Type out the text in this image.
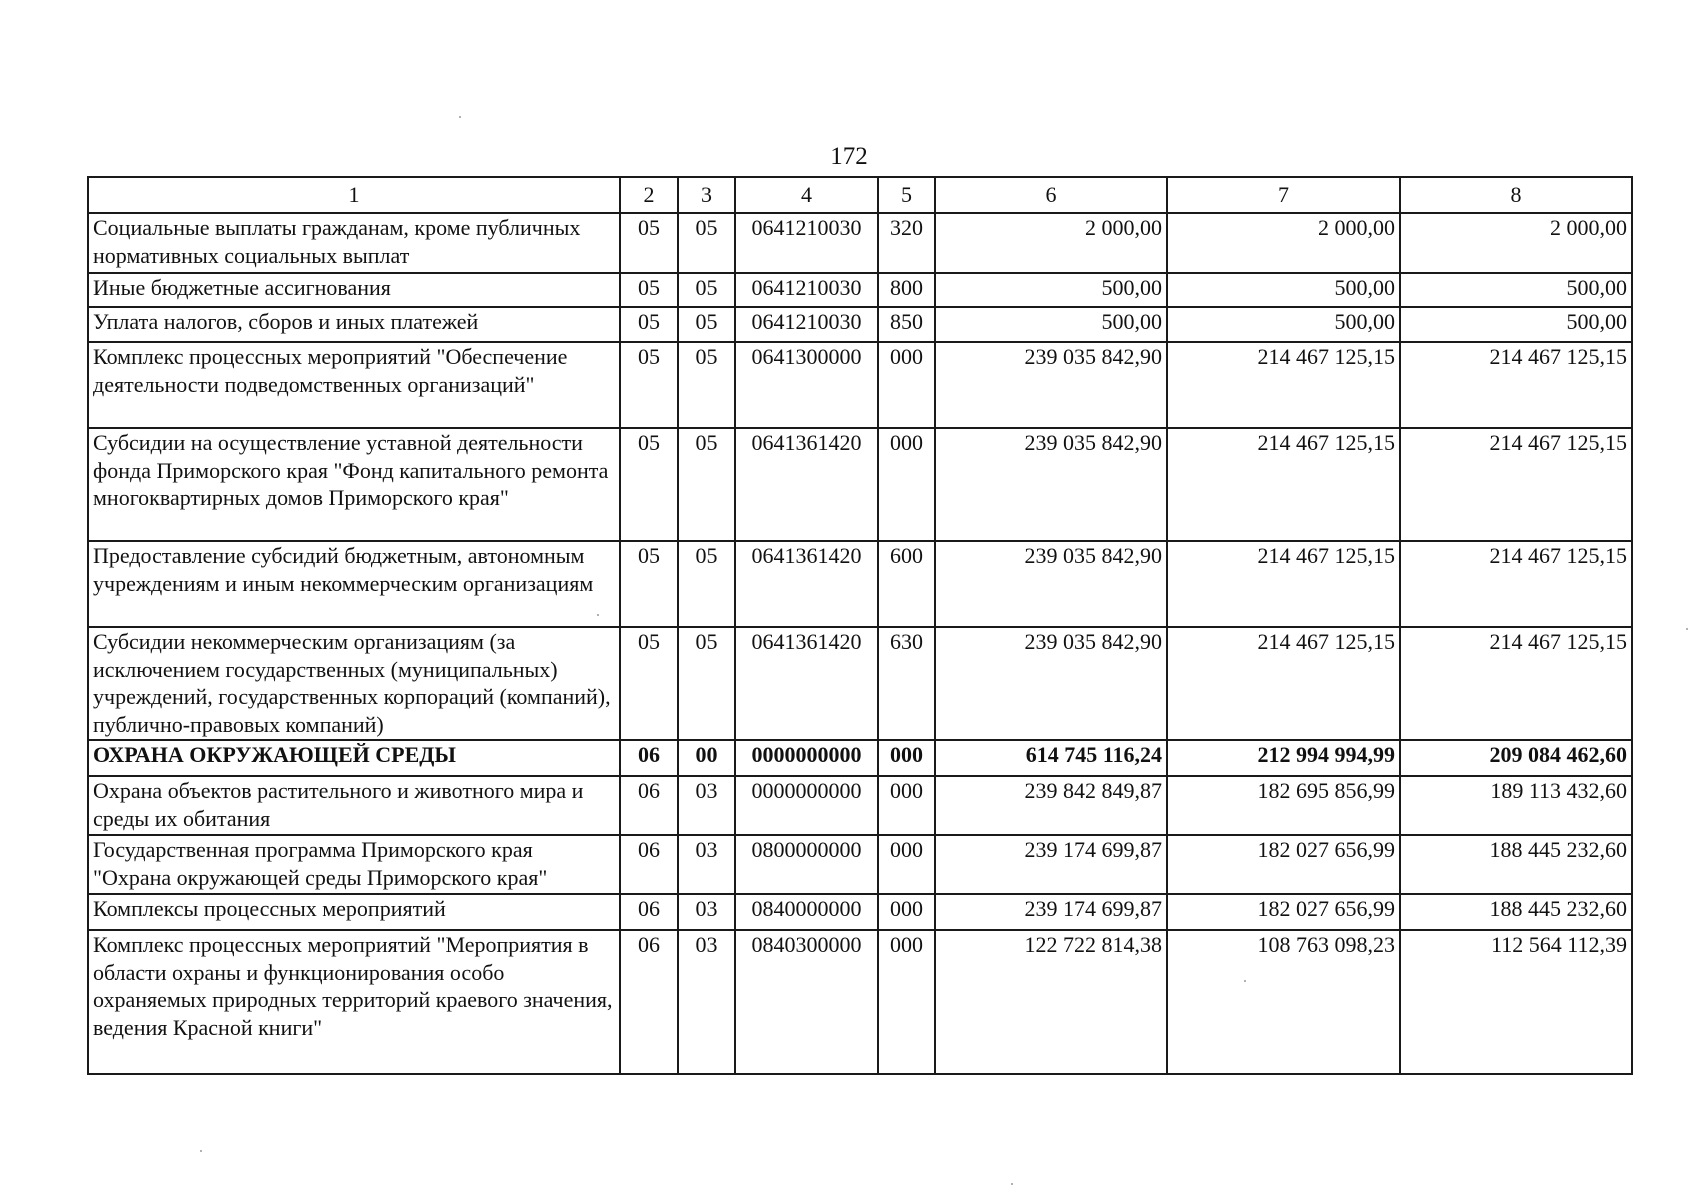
172
1	2	3	4	5	6	7	8
Социальные выплаты гражданам, кроме публичных нормативных социальных выплат	05	05	0641210030	320	2 000,00	2 000,00	2 000,00
Иные бюджетные ассигнования	05	05	0641210030	800	500,00	500,00	500,00
Уплата налогов, сборов и иных платежей	05	05	0641210030	850	500,00	500,00	500,00
Комплекс процессных мероприятий "Обеспечение деятельности подведомственных организаций"	05	05	0641300000	000	239 035 842,90	214 467 125,15	214 467 125,15
Субсидии на осуществление уставной деятельности фонда Приморского края "Фонд капитального ремонта многоквартирных домов Приморского края"	05	05	0641361420	000	239 035 842,90	214 467 125,15	214 467 125,15
Предоставление субсидий бюджетным, автономным учреждениям и иным некоммерческим организациям	05	05	0641361420	600	239 035 842,90	214 467 125,15	214 467 125,15
Субсидии некоммерческим организациям (за исключением государственных (муниципальных) учреждений, государственных корпораций (компаний), публично-правовых компаний)	05	05	0641361420	630	239 035 842,90	214 467 125,15	214 467 125,15
ОХРАНА ОКРУЖАЮЩЕЙ СРЕДЫ	06	00	0000000000	000	614 745 116,24	212 994 994,99	209 084 462,60
Охрана объектов растительного и животного мира и среды их обитания	06	03	0000000000	000	239 842 849,87	182 695 856,99	189 113 432,60
Государственная программа Приморского края "Охрана окружающей среды Приморского края"	06	03	0800000000	000	239 174 699,87	182 027 656,99	188 445 232,60
Комплексы процессных мероприятий	06	03	0840000000	000	239 174 699,87	182 027 656,99	188 445 232,60
Комплекс процессных мероприятий "Мероприятия в области охраны и функционирования особо охраняемых природных территорий краевого значения, ведения Красной книги"	06	03	0840300000	000	122 722 814,38	108 763 098,23	112 564 112,39
